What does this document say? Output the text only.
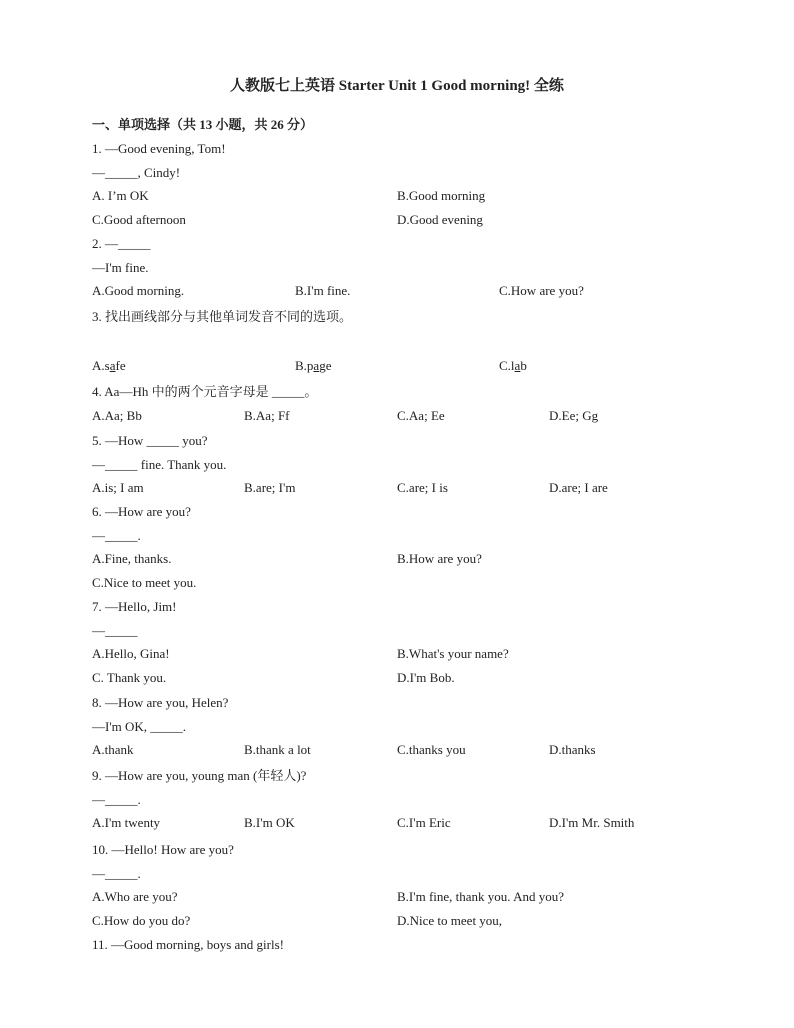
人教版七上英语 Starter Unit 1 Good morning! 全练
一、单项选择（共 13 小题，共 26 分）
1. —Good evening, Tom!
—_____, Cindy!
A. I’m OK	B.Good morning
C.Good afternoon	D.Good evening
2. —_____
—I'm fine.
A.Good morning.	B.I'm fine.	C.How are you?
3. 找出画线部分与其他单词发音不同的选项。
A.safe	B.page	C.lab
4. Aa—Hh 中的两个元音字母是 _____。
A.Aa; Bb	B.Aa; Ff	C.Aa; Ee	D.Ee; Gg
5. —How _____ you?
—_____ fine. Thank you.
A.is; I am	B.are; I'm	C.are; I is	D.are; I are
6. —How are you?
—_____.
A.Fine, thanks.	B.How are you?
C.Nice to meet you.
7. —Hello, Jim!
—_____
A.Hello, Gina!	B.What's your name?
C. Thank you.	D.I'm Bob.
8. —How are you, Helen?
—I'm OK, _____.
A.thank	B.thank a lot	C.thanks you	D.thanks
9. —How are you, young man (年轻人)?
—_____.
A.I'm twenty	B.I'm OK	C.I'm Eric	D.I'm Mr. Smith
10. —Hello! How are you?
—_____.
A.Who are you?	B.I'm fine, thank you. And you?
C.How do you do?	D.Nice to meet you,
11. —Good morning, boys and girls!
